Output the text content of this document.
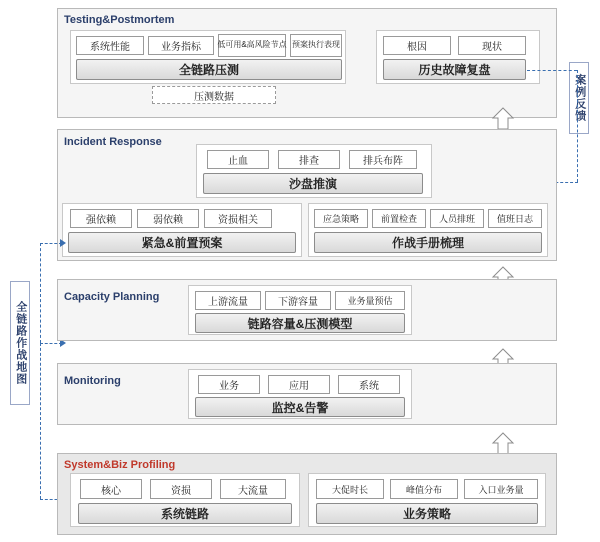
全链路作战地图
案例反馈
Testing&Postmortem
系统性能	业务指标	低可用&高风险节点 预案执行表现
全链路压测
压测数据
根因	现状
历史故障复盘
Incident Response
止血	排查	排兵布阵
沙盘推演
强依赖	弱依赖	资损相关
紧急&前置预案
应急策略	前置检查	人员排班	值班日志
作战手册梳理
Capacity Planning	上游流量	下游容量	业务量预估
链路容量&压测模型
Monitoring	业务	应用	系统
监控&告警
System&Biz Profiling
核心	资损	大流量
系统链路
大促时长	峰值分布	入口业务量
业务策略
